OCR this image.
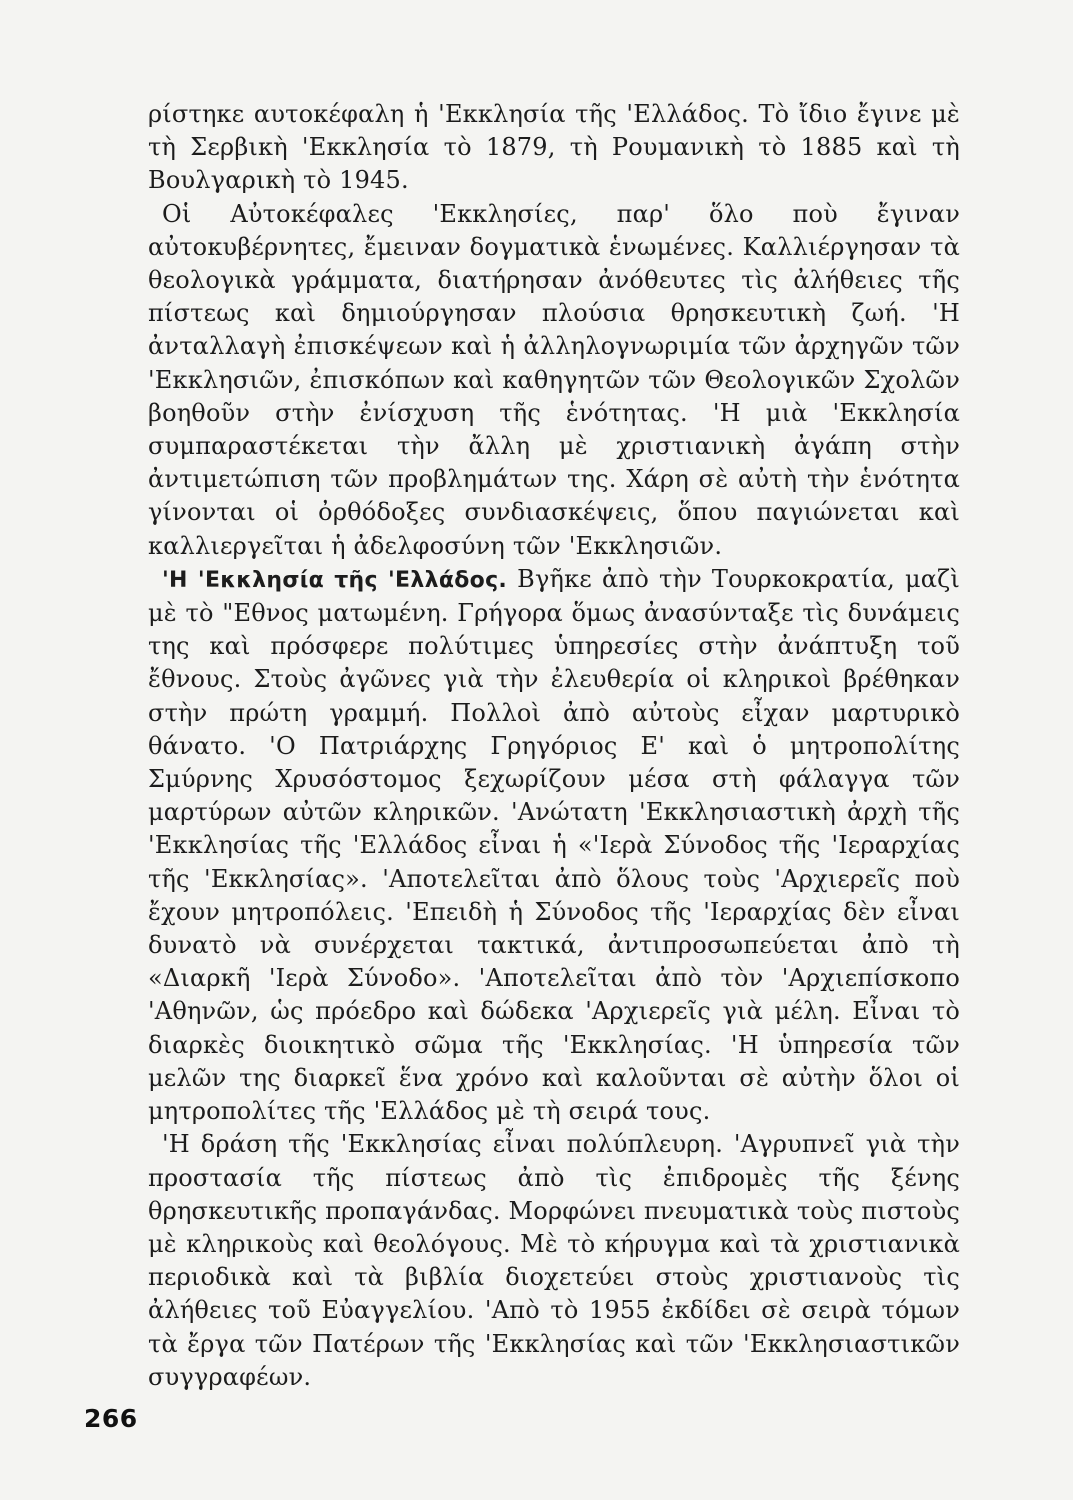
ρίστηκε αυτοκέφαλη ἡ 'Εκκλησία τῆς 'Ελλάδος. Τὸ ἴδιο ἔγινε μὲ τὴ Σερβικὴ 'Εκκλησία τὸ 1879, τὴ Ρουμανικὴ τὸ 1885 καὶ τὴ Βουλγαρικὴ τὸ 1945.

Οἱ Αὐτοκέφαλες 'Εκκλησίες, παρ' ὅλο ποὺ ἔγιναν αὐτοκυβέρνητες, ἔμειναν δογματικὰ ἑνωμένες. Καλλιέργησαν τὰ θεολογικὰ γράμματα, διατήρησαν ἀνόθευτες τὶς ἀλήθειες τῆς πίστεως καὶ δημιούργησαν πλούσια θρησκευτικὴ ζωή. 'Η ἀνταλλαγὴ ἐπισκέψεων καὶ ἡ ἀλληλογνωριμία τῶν ἀρχηγῶν τῶν 'Εκκλησιῶν, ἐπισκόπων καὶ καθηγητῶν τῶν Θεολογικῶν Σχολῶν βοηθοῦν στὴν ἐνίσχυση τῆς ἑνότητας. 'Η μιὰ 'Εκκλησία συμπαραστέκεται τὴν ἄλλη μὲ χριστιανικὴ ἀγάπη στὴν ἀντιμετώπιση τῶν προβλημάτων της. Χάρη σὲ αὐτὴ τὴν ἑνότητα γίνονται οἱ ὀρθόδοξες συνδιασκέψεις, ὅπου παγιώνεται καὶ καλλιεργεῖται ἡ ἀδελφοσύνη τῶν 'Εκκλησιῶν.

'Η 'Εκκλησία τῆς 'Ελλάδος. Βγῆκε ἀπὸ τὴν Τουρκοκρατία, μαζὶ μὲ τὸ "Εθνος ματωμένη. Γρήγορα ὅμως ἀνασύνταξε τὶς δυνάμεις της καὶ πρόσφερε πολύτιμες ὑπηρεσίες στὴν ἀνάπτυξη τοῦ ἔθνους. Στοὺς ἀγῶνες γιὰ τὴν ἐλευθερία οἱ κληρικοὶ βρέθηκαν στὴν πρώτη γραμμή. Πολλοὶ ἀπὸ αὐτοὺς εἶχαν μαρτυρικὸ θάνατο. 'Ο Πατριάρχης Γρηγόριος Ε' καὶ ὁ μητροπολίτης Σμύρνης Χρυσόστομος ξεχωρίζουν μέσα στὴ φάλαγγα τῶν μαρτύρων αὐτῶν κληρικῶν. 'Ανώτατη 'Εκκλησιαστικὴ ἀρχὴ τῆς 'Εκκλησίας τῆς 'Ελλάδος εἶναι ἡ «'Ιερὰ Σύνοδος τῆς 'Ιεραρχίας τῆς 'Εκκλησίας». 'Αποτελεῖται ἀπὸ ὅλους τοὺς 'Αρχιερεῖς ποὺ ἔχουν μητροπόλεις. 'Επειδὴ ἡ Σύνοδος τῆς 'Ιεραρχίας δὲν εἶναι δυνατὸ νὰ συνέρχεται τακτικά, ἀντιπροσωπεύεται ἀπὸ τὴ «Διαρκῆ 'Ιερὰ Σύνοδο». 'Αποτελεῖται ἀπὸ τὸν 'Αρχιεπίσκοπο 'Αθηνῶν, ὡς πρόεδρο καὶ δώδεκα 'Αρχιερεῖς γιὰ μέλη. Εἶναι τὸ διαρκὲς διοικητικὸ σῶμα τῆς 'Εκκλησίας. 'Η ὑπηρεσία τῶν μελῶν της διαρκεῖ ἕνα χρόνο καὶ καλοῦνται σὲ αὐτὴν ὅλοι οἱ μητροπολίτες τῆς 'Ελλάδος μὲ τὴ σειρά τους.

'Η δράση τῆς 'Εκκλησίας εἶναι πολύπλευρη. 'Αγρυπνεῖ γιὰ τὴν προστασία τῆς πίστεως ἀπὸ τὶς ἐπιδρομὲς τῆς ξένης θρησκευτικῆς προπαγάνδας. Μορφώνει πνευματικὰ τοὺς πιστοὺς μὲ κληρικοὺς καὶ θεολόγους. Μὲ τὸ κήρυγμα καὶ τὰ χριστιανικὰ περιοδικὰ καὶ τὰ βιβλία διοχετεύει στοὺς χριστιανοὺς τὶς ἀλήθειες τοῦ Εὐαγγελίου. 'Απὸ τὸ 1955 ἐκδίδει σὲ σειρὰ τόμων τὰ ἔργα τῶν Πατέρων τῆς 'Εκκλησίας καὶ τῶν 'Εκκλησιαστικῶν συγγραφέων.

266
